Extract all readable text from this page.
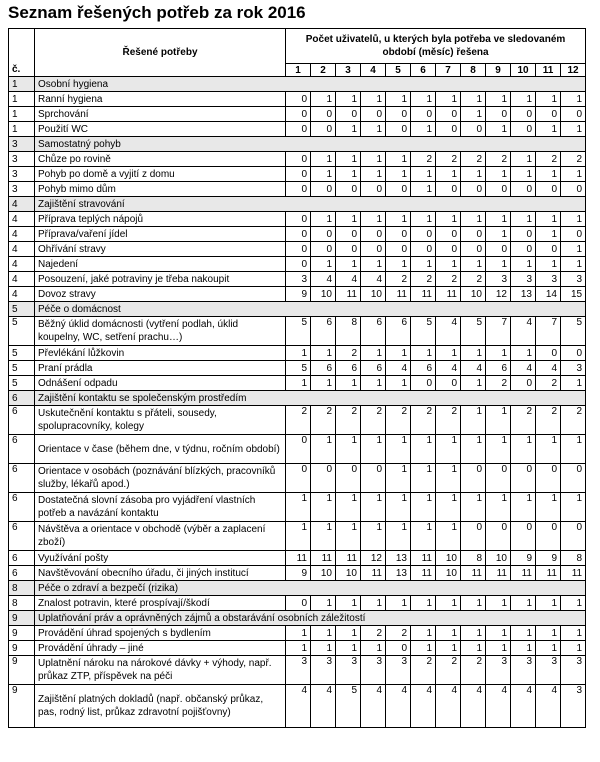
Seznam řešených potřeb za rok 2016
č.	Řešené potřeby	Počet uživatelů, u kterých byla potřeba ve sledovaném období (měsíc) řešena											
		1	2	3	4	5	6	7	8	9	10	11	12
1	Osobní hygiena												
1	Ranní hygiena	0	1	1	1	1	1	1	1	1	1	1	1
1	Sprchování	0	0	0	0	0	0	0	1	0	0	0	0
1	Použití WC	0	0	1	1	0	1	0	0	1	0	1	1
3	Samostatný pohyb												
3	Chůze po rovině	0	1	1	1	1	2	2	2	2	1	2	2
3	Pohyb po domě a vyjití z domu	0	1	1	1	1	1	1	1	1	1	1	1
3	Pohyb mimo dům	0	0	0	0	0	1	0	0	0	0	0	0
4	Zajištění stravování												
4	Příprava teplých nápojů	0	1	1	1	1	1	1	1	1	1	1	1
4	Příprava/vaření jídel	0	0	0	0	0	0	0	0	1	0	1	0
4	Ohřívání stravy	0	0	0	0	0	0	0	0	0	0	0	1
4	Najedení	0	1	1	1	1	1	1	1	1	1	1	1
4	Posouzení, jaké potraviny je třeba nakoupit	3	4	4	4	2	2	2	2	3	3	3	3
4	Dovoz stravy	9	10	11	10	11	11	11	10	12	13	14	15
5	Péče o domácnost												
5	Běžný úklid domácnosti (vytření podlah, úklid koupelny, WC, setření prachu…)	5	6	8	6	6	5	4	5	7	4	7	5
5	Převlékání lůžkovin	1	1	2	1	1	1	1	1	1	1	0	0
5	Praní prádla	5	6	6	6	4	6	4	4	6	4	4	3
5	Odnášení odpadu	1	1	1	1	1	0	0	1	2	0	2	1
6	Zajištění kontaktu se společenským prostředím												
6	Uskutečnění kontaktu s přáteli, sousedy, spolupracovníky, kolegy	2	2	2	2	2	2	2	1	1	2	2	2
6	Orientace v čase (během dne, v týdnu, ročním období)	0	1	1	1	1	1	1	1	1	1	1	1
6	Orientace v osobách (poznávání blízkých, pracovníků služby, lékařů apod.)	0	0	0	0	1	1	1	0	0	0	0	0
6	Dostatečná slovní zásoba pro vyjádření vlastních potřeb a navázání kontaktu	1	1	1	1	1	1	1	1	1	1	1	1
6	Návštěva a orientace v obchodě (výběr a zaplacení zboží)	1	1	1	1	1	1	1	0	0	0	0	0
6	Využívání pošty	11	11	11	12	13	11	10	8	10	9	9	8
6	Navštěvování obecního úřadu, či jiných institucí	9	10	10	11	13	11	10	11	11	11	11	11
8	Péče o zdraví a bezpečí (rizika)												
8	Znalost potravin, které prospívají/škodí	0	1	1	1	1	1	1	1	1	1	1	1
9	Uplatňování práv a oprávněných zájmů a obstarávání osobních záležitostí												
9	Provádění úhrad spojených s bydlením	1	1	1	2	2	1	1	1	1	1	1	1
9	Provádění úhrady – jiné	1	1	1	1	0	1	1	1	1	1	1	1
9	Uplatnění nároku na nárokové dávky + výhody, např. průkaz ZTP, příspěvek na péči	3	3	3	3	3	2	2	2	3	3	3	3
9	Zajištění platných dokladů (např. občanský průkaz, pas, rodný list, průkaz zdravotní pojišťovny)	4	4	5	4	4	4	4	4	4	4	4	3
